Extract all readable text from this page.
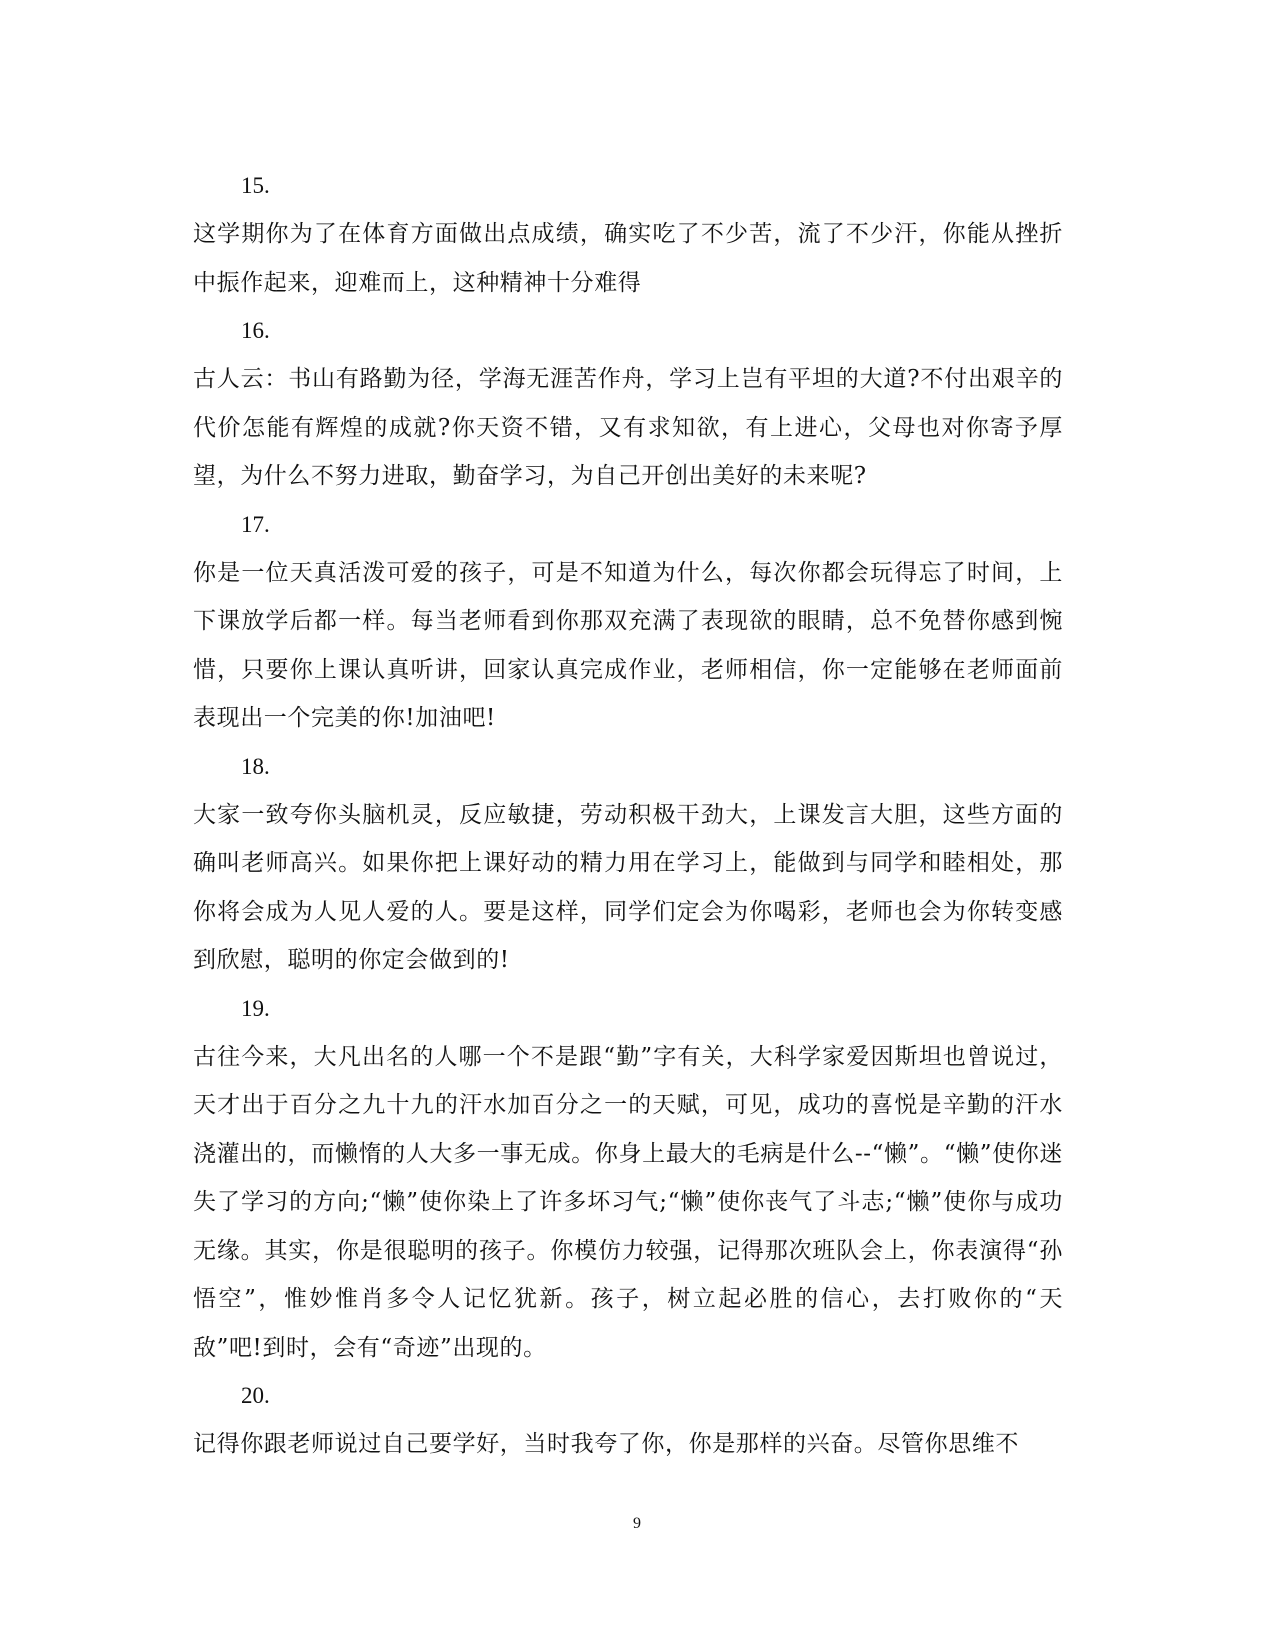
15.

这学期你为了在体育方面做出点成绩，确实吃了不少苦，流了不少汗，你能从挫折中振作起来，迎难而上，这种精神十分难得

16.

古人云：书山有路勤为径，学海无涯苦作舟，学习上岂有平坦的大道?不付出艰辛的代价怎能有辉煌的成就?你天资不错，又有求知欲，有上进心，父母也对你寄予厚望，为什么不努力进取，勤奋学习，为自己开创出美好的未来呢?

17.

你是一位天真活泼可爱的孩子，可是不知道为什么，每次你都会玩得忘了时间，上下课放学后都一样。每当老师看到你那双充满了表现欲的眼睛，总不免替你感到惋惜，只要你上课认真听讲，回家认真完成作业，老师相信，你一定能够在老师面前表现出一个完美的你!加油吧!

18.

大家一致夸你头脑机灵，反应敏捷，劳动积极干劲大，上课发言大胆，这些方面的确叫老师高兴。如果你把上课好动的精力用在学习上，能做到与同学和睦相处，那你将会成为人见人爱的人。要是这样，同学们定会为你喝彩，老师也会为你转变感到欣慰，聪明的你定会做到的!

19.

古往今来，大凡出名的人哪一个不是跟“勤”字有关，大科学家爱因斯坦也曾说过，天才出于百分之九十九的汗水加百分之一的天赋，可见，成功的喜悦是辛勤的汗水浇灌出的，而懒惰的人大多一事无成。你身上最大的毛病是什么--“懒”。“懒”使你迷失了学习的方向;“懒”使你染上了许多坏习气;“懒”使你丧气了斗志;“懒”使你与成功无缘。其实，你是很聪明的孩子。你模仿力较强，记得那次班队会上，你表演得“孙悟空”，惟妙惟肖多令人记忆犹新。孩子，树立起必胜的信心，去打败你的“天敌”吧!到时，会有“奇迹”出现的。

20.

记得你跟老师说过自己要学好，当时我夸了你，你是那样的兴奋。尽管你思维不

9
